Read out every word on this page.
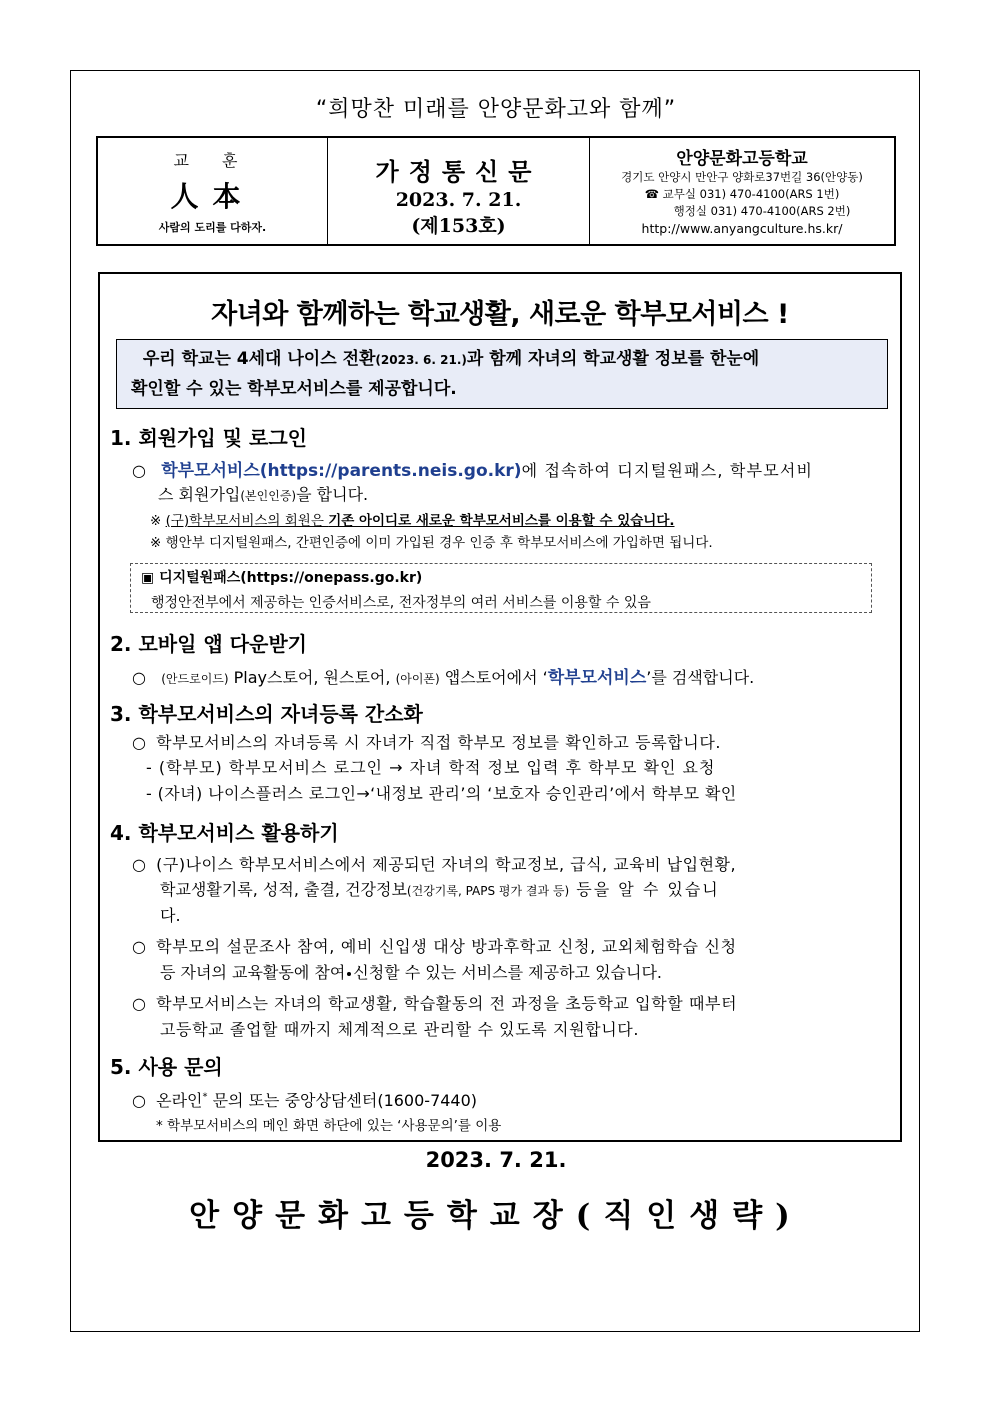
“희망찬 미래를 안양문화고와 함께”
교 훈
人本
사람의 도리를 다하자.
가정통신문
2023. 7. 21.
(제153호)
안양문화고등학교
경기도 안양시 만안구 양화로37번길 36(안양동)
☎ 교무실 031) 470-4100(ARS 1번)
행정실 031) 470-4100(ARS 2번)
http://www.anyangculture.hs.kr/
자녀와 함께하는 학교생활, 새로운 학부모서비스 !
우리 학교는 4세대 나이스 전환(2023. 6. 21.)과 함께 자녀의 학교생활 정보를 한눈에
확인할 수 있는 학부모서비스를 제공합니다.
1. 회원가입 및 로그인
○ 학부모서비스(https://parents.neis.go.kr)에 접속하여 디지털원패스, 학부모서비
스 회원가입(본인인증)을 합니다.
※ (구)학부모서비스의 회원은 기존 아이디로 새로운 학부모서비스를 이용할 수 있습니다.
※ 행안부 디지털원패스, 간편인증에 이미 가입된 경우 인증 후 학부모서비스에 가입하면 됩니다.
▣ 디지털원패스(https://onepass.go.kr)
행정안전부에서 제공하는 인증서비스로, 전자정부의 여러 서비스를 이용할 수 있음
2. 모바일 앱 다운받기
○ (안드로이드) Play스토어, 원스토어, (아이폰) 앱스토어에서 ‘학부모서비스’를 검색합니다.
3. 학부모서비스의 자녀등록 간소화
○ 학부모서비스의 자녀등록 시 자녀가 직접 학부모 정보를 확인하고 등록합니다.
- (학부모) 학부모서비스 로그인 → 자녀 학적 정보 입력 후 학부모 확인 요청
- (자녀) 나이스플러스 로그인→‘내정보 관리’의 ‘보호자 승인관리’에서 학부모 확인
4. 학부모서비스 활용하기
○ (구)나이스 학부모서비스에서 제공되던 자녀의 학교정보, 급식, 교육비 납입현황,
학교생활기록, 성적, 출결, 건강정보(건강기록, PAPS 평가 결과 등) 등을 알 수 있습니
다.
○ 학부모의 설문조사 참여, 예비 신입생 대상 방과후학교 신청, 교외체험학습 신청
등 자녀의 교육활동에 참여 신청할 수 있는 서비스를 제공하고 있습니다.
○ 학부모서비스는 자녀의 학교생활, 학습활동의 전 과정을 초등학교 입학할 때부터
고등학교 졸업할 때까지 체계적으로 관리할 수 있도록 지원합니다.
5. 사용 문의
○ 온라인* 문의 또는 중앙상담센터(1600-7440)
* 학부모서비스의 메인 화면 하단에 있는 ‘사용문의’를 이용
2023. 7. 21.
안양문화고등학교장(직인생략)
